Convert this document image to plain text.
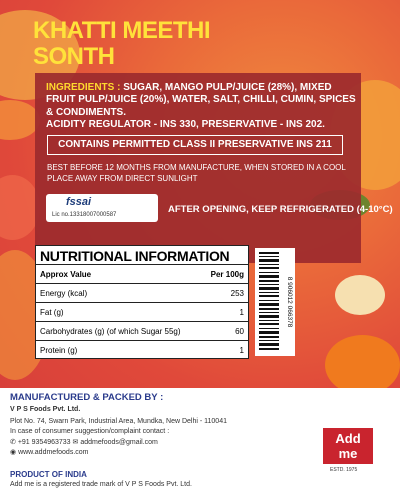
KHATTI MEETHI
SONTH
INGREDIENTS : SUGAR, MANGO PULP/JUICE (28%), MIXED FRUIT PULP/JUICE (20%), WATER, SALT, CHILLI, CUMIN, SPICES & CONDIMENTS.
ACIDITY REGULATOR - INS 330, PRESERVATIVE - INS 202.
CONTAINS PERMITTED CLASS II PRESERVATIVE INS 211
BEST BEFORE 12 MONTHS FROM MANUFACTURE, WHEN STORED IN A COOL PLACE AWAY FROM DIRECT SUNLIGHT
fssai
Lic no.13318007000587	AFTER OPENING, KEEP REFRIGERATED (4-10°C)
NUTRITIONAL INFORMATION
Approx Value	Per 100g
Energy (kcal)	253
Fat (g)	1
Carbohydrates (g) (of which Sugar 55g)	60
Protein (g)	1
8 906012 066378
MANUFACTURED & PACKED BY :
V P S Foods Pvt. Ltd.
Plot No. 74, Swarn Park, Industrial Area, Mundka, New Delhi - 110041
In case of consumer suggestion/complaint contact :
✆ +91 9354963733 ✉ addmefoods@gmail.com
◉ www.addmefoods.com
PRODUCT OF INDIA
Add me is a registered trade mark of V P S Foods Pvt. Ltd.
Add
me
ESTD. 1975
